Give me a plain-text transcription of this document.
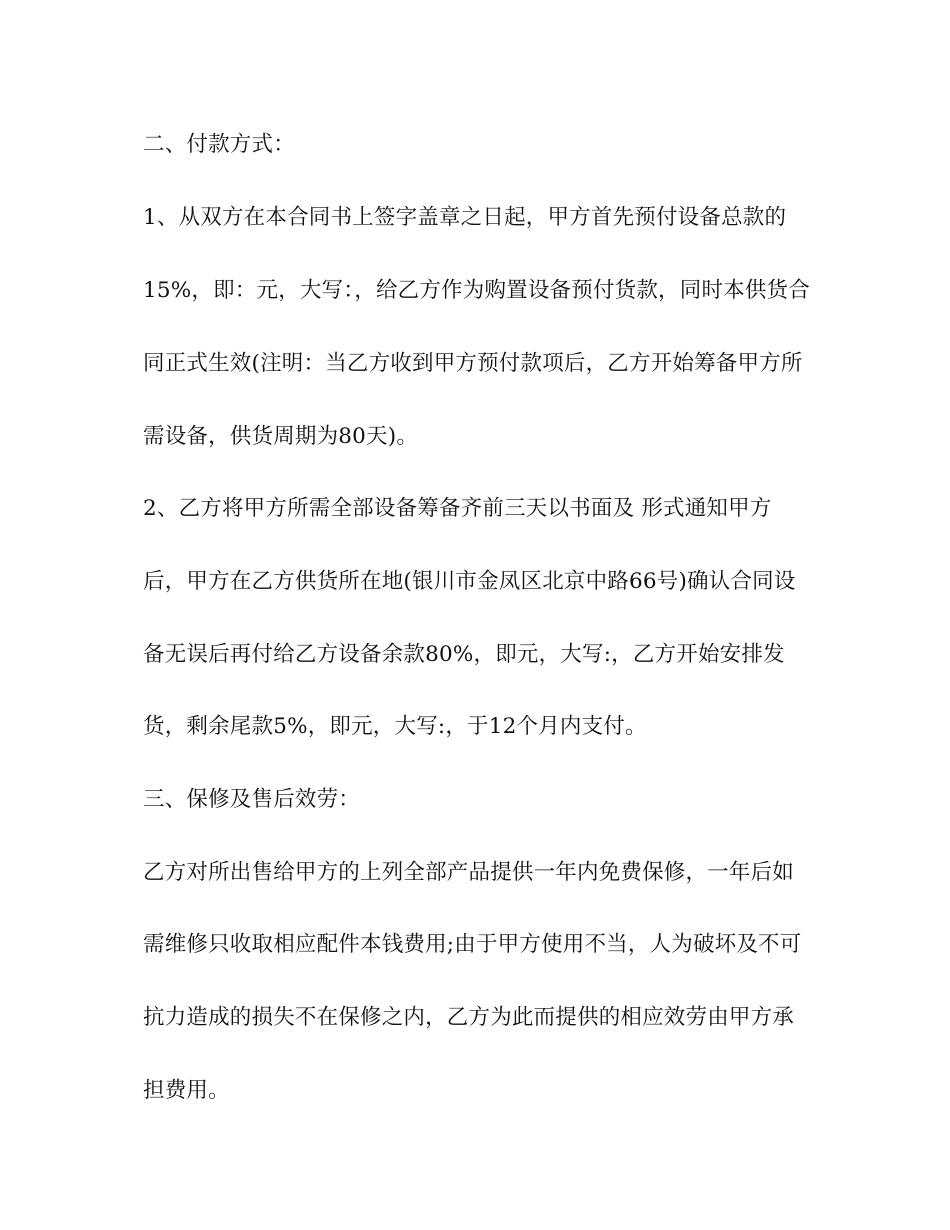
二、付款方式：
1、从双方在本合同书上签字盖章之日起，甲方首先预付设备总款的
15%，即：元，大写：，给乙方作为购置设备预付货款，同时本供货合
同正式生效(注明：当乙方收到甲方预付款项后，乙方开始筹备甲方所
需设备，供货周期为80天)。
2、乙方将甲方所需全部设备筹备齐前三天以书面及 形式通知甲方
后，甲方在乙方供货所在地(银川市金凤区北京中路66号)确认合同设
备无误后再付给乙方设备余款80%，即元，大写:，乙方开始安排发
货，剩余尾款5%，即元，大写:，于12个月内支付。
三、保修及售后效劳：
乙方对所出售给甲方的上列全部产品提供一年内免费保修，一年后如
需维修只收取相应配件本钱费用;由于甲方使用不当，人为破坏及不可
抗力造成的损失不在保修之内，乙方为此而提供的相应效劳由甲方承
担费用。
